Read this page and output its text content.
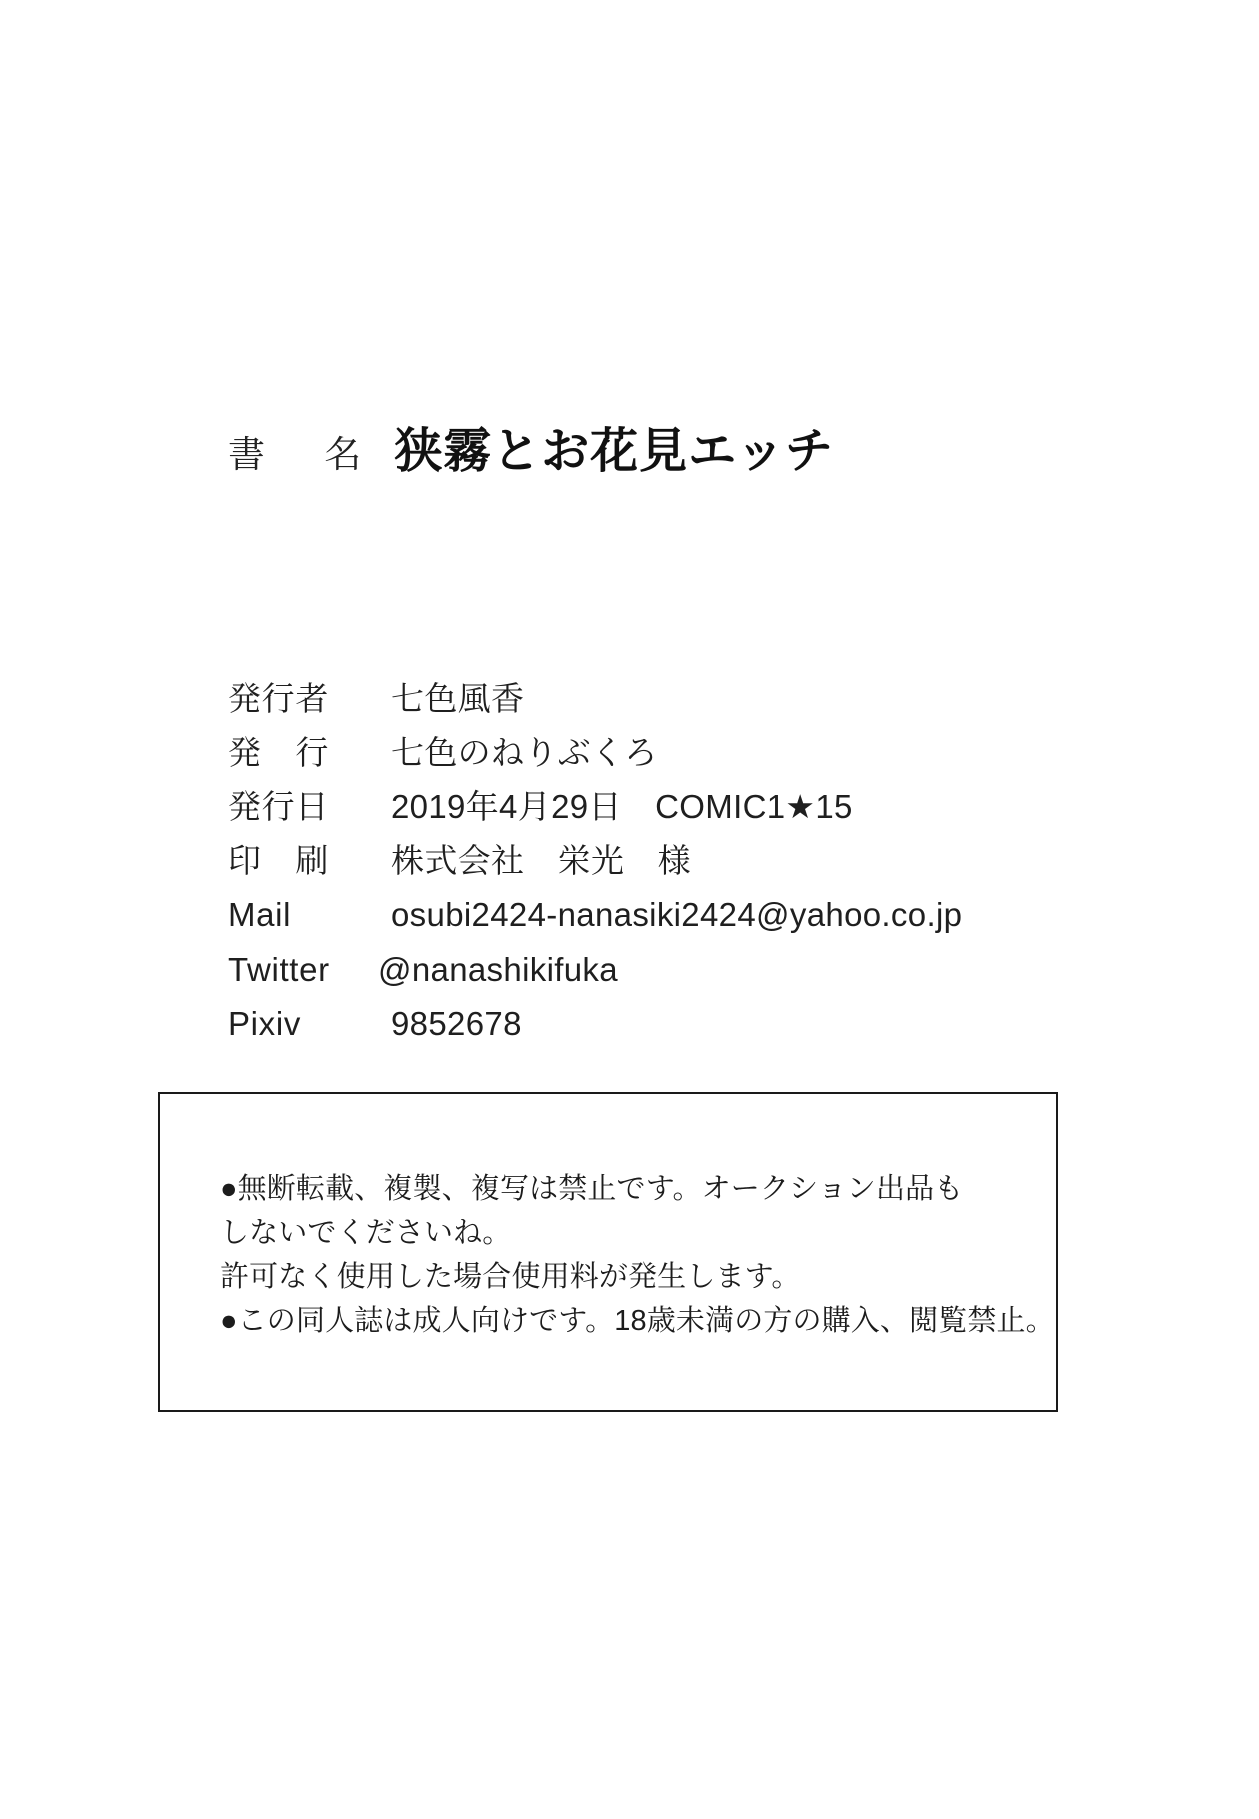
書　名 狭霧とお花見エッチ
発行者	七色風香
発　行	七色のねりぶくろ
発行日	2019年4月29日　COMIC1★15
印　刷	株式会社　栄光　様
Mail	osubi2424-nanasiki2424@yahoo.co.jp
Twitter	@nanashikifuka
Pixiv	9852678
●無断転載、複製、複写は禁止です。オークション出品も
しないでくださいね。
許可なく使用した場合使用料が発生します。
●この同人誌は成人向けです。18歳未満の方の購入、閲覧禁止。
